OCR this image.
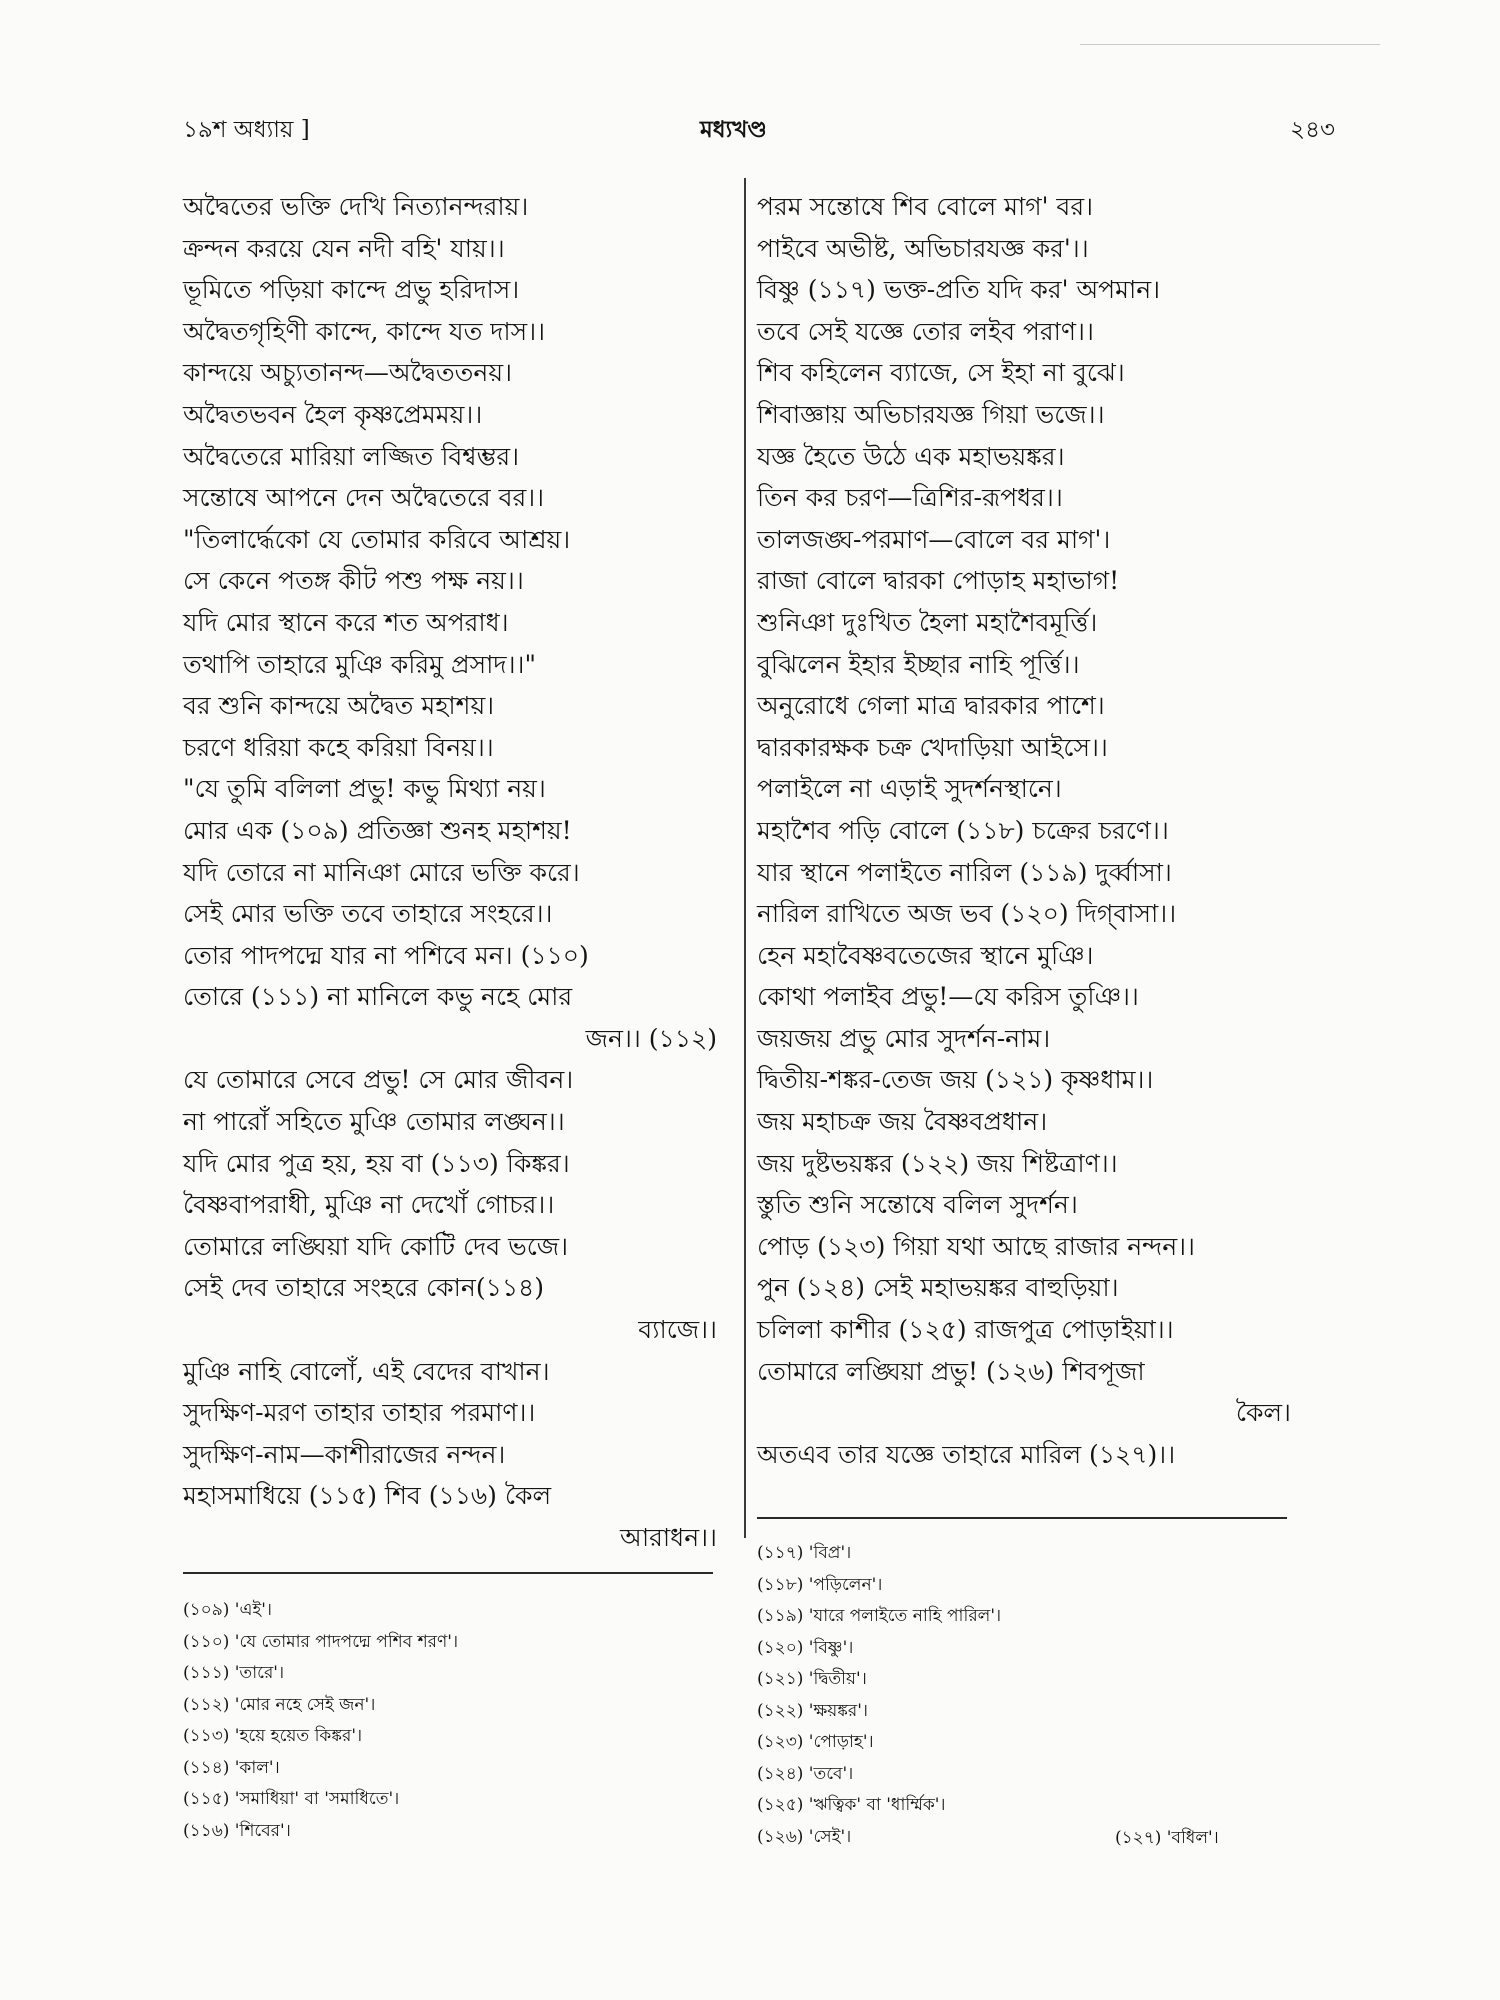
১৯শ অধ্যায় ]	মধ্যখণ্ড	২৪৩
অদ্বৈতের ভক্তি দেখি নিত্যানন্দরায়।
ক্রন্দন করয়ে যেন নদী বহি' যায়।।
ভূমিতে পড়িয়া কান্দে প্রভু হরিদাস।
অদ্বৈতগৃহিণী কান্দে, কান্দে যত দাস।।
কান্দয়ে অচ্যুতানন্দ—অদ্বৈততনয়।
অদ্বৈতভবন হৈল কৃষ্ণপ্রেমময়।।
অদ্বৈতেরে মারিয়া লজ্জিত বিশ্বম্ভর।
সন্তোষে আপনে দেন অদ্বৈতেরে বর।।
"তিলার্দ্ধেকো যে তোমার করিবে আশ্রয়।
সে কেনে পতঙ্গ কীট পশু পক্ষ নয়।।
যদি মোর স্থানে করে শত অপরাধ।
তথাপি তাহারে মুঞি করিমু প্রসাদ।।"
বর শুনি কান্দয়ে অদ্বৈত মহাশয়।
চরণে ধরিয়া কহে করিয়া বিনয়।।
"যে তুমি বলিলা প্রভু! কভু মিথ্যা নয়।
মোর এক (১০৯) প্রতিজ্ঞা শুনহ মহাশয়!
যদি তোরে না মানিঞা মোরে ভক্তি করে।
সেই মোর ভক্তি তবে তাহারে সংহরে।।
তোর পাদপদ্মে যার না পশিবে মন। (১১০)
তোরে (১১১) না মানিলে কভু নহে মোর
জন।। (১১২)
যে তোমারে সেবে প্রভু! সে মোর জীবন।
না পারোঁ সহিতে মুঞি তোমার লঙ্ঘন।।
যদি মোর পুত্র হয়, হয় বা (১১৩) কিঙ্কর।
বৈষ্ণবাপরাধী, মুঞি না দেখোঁ গোচর।।
তোমারে লঙ্ঘিয়া যদি কোটি দেব ভজে।
সেই দেব তাহারে সংহরে কোন(১১৪)
ব্যাজে।।
মুঞি নাহি বোলোঁ, এই বেদের বাখান।
সুদক্ষিণ-মরণ তাহার তাহার পরমাণ।।
সুদক্ষিণ-নাম—কাশীরাজের নন্দন।
মহাসমাধিয়ে (১১৫) শিব (১১৬) কৈল
আরাধন।।
পরম সন্তোষে শিব বোলে মাগ' বর।
পাইবে অভীষ্ট, অভিচারযজ্ঞ কর'।।
বিষ্ণু (১১৭) ভক্ত-প্রতি যদি কর' অপমান।
তবে সেই যজ্ঞে তোর লইব পরাণ।।
শিব কহিলেন ব্যাজে, সে ইহা না বুঝে।
শিবাজ্ঞায় অভিচারযজ্ঞ গিয়া ভজে।।
যজ্ঞ হৈতে উঠে এক মহাভয়ঙ্কর।
তিন কর চরণ—ত্রিশির-রূপধর।।
তালজঙ্ঘ-পরমাণ—বোলে বর মাগ'।
রাজা বোলে দ্বারকা পোড়াহ মহাভাগ!
শুনিঞা দুঃখিত হৈলা মহাশৈবমূর্ত্তি।
বুঝিলেন ইহার ইচ্ছার নাহি পূর্ত্তি।।
অনুরোধে গেলা মাত্র দ্বারকার পাশে।
দ্বারকারক্ষক চক্র খেদাড়িয়া আইসে।।
পলাইলে না এড়াই সুদর্শনস্থানে।
মহাশৈব পড়ি বোলে (১১৮) চক্রের চরণে।।
যার স্থানে পলাইতে নারিল (১১৯) দুর্ব্বাসা।
নারিল রাখিতে অজ ভব (১২০) দিগ্‌বাসা।।
হেন মহাবৈষ্ণবতেজের স্থানে মুঞি।
কোথা পলাইব প্রভু!—যে করিস তুঞি।।
জয়জয় প্রভু মোর সুদর্শন-নাম।
দ্বিতীয়-শঙ্কর-তেজ জয় (১২১) কৃষ্ণধাম।।
জয় মহাচক্র জয় বৈষ্ণবপ্রধান।
জয় দুষ্টভয়ঙ্কর (১২২) জয় শিষ্টত্রাণ।।
স্তুতি শুনি সন্তোষে বলিল সুদর্শন।
পোড় (১২৩) গিয়া যথা আছে রাজার নন্দন।।
পুন (১২৪) সেই মহাভয়ঙ্কর বাহুড়িয়া।
চলিলা কাশীর (১২৫) রাজপুত্র পোড়াইয়া।।
তোমারে লঙ্ঘিয়া প্রভু! (১২৬) শিবপূজা
কৈল।
অতএব তার যজ্ঞে তাহারে মারিল (১২৭)।।
(১০৯) 'এই'।
(১১০) 'যে তোমার পাদপদ্মে পশিব শরণ'।
(১১১) 'তারে'।
(১১২) 'মোর নহে সেই জন'।
(১১৩) 'হয়ে হয়েত কিঙ্কর'।
(১১৪) 'কাল'।
(১১৫) 'সমাধিয়া' বা 'সমাধিতে'।
(১১৬) 'শিবের'।
(১১৭) 'বিপ্র'।
(১১৮) 'পড়িলেন'।
(১১৯) 'যারে পলাইতে নাহি পারিল'।
(১২০) 'বিষ্ণু'।
(১২১) 'দ্বিতীয়'।
(১২২) 'ক্ষয়ঙ্কর'।
(১২৩) 'পোড়াহ'।
(১২৪) 'তবে'।
(১২৫) 'ঋত্বিক' বা 'ধার্ম্মিক'।
(১২৬) 'সেই'।	(১২৭) 'বধিল'।
